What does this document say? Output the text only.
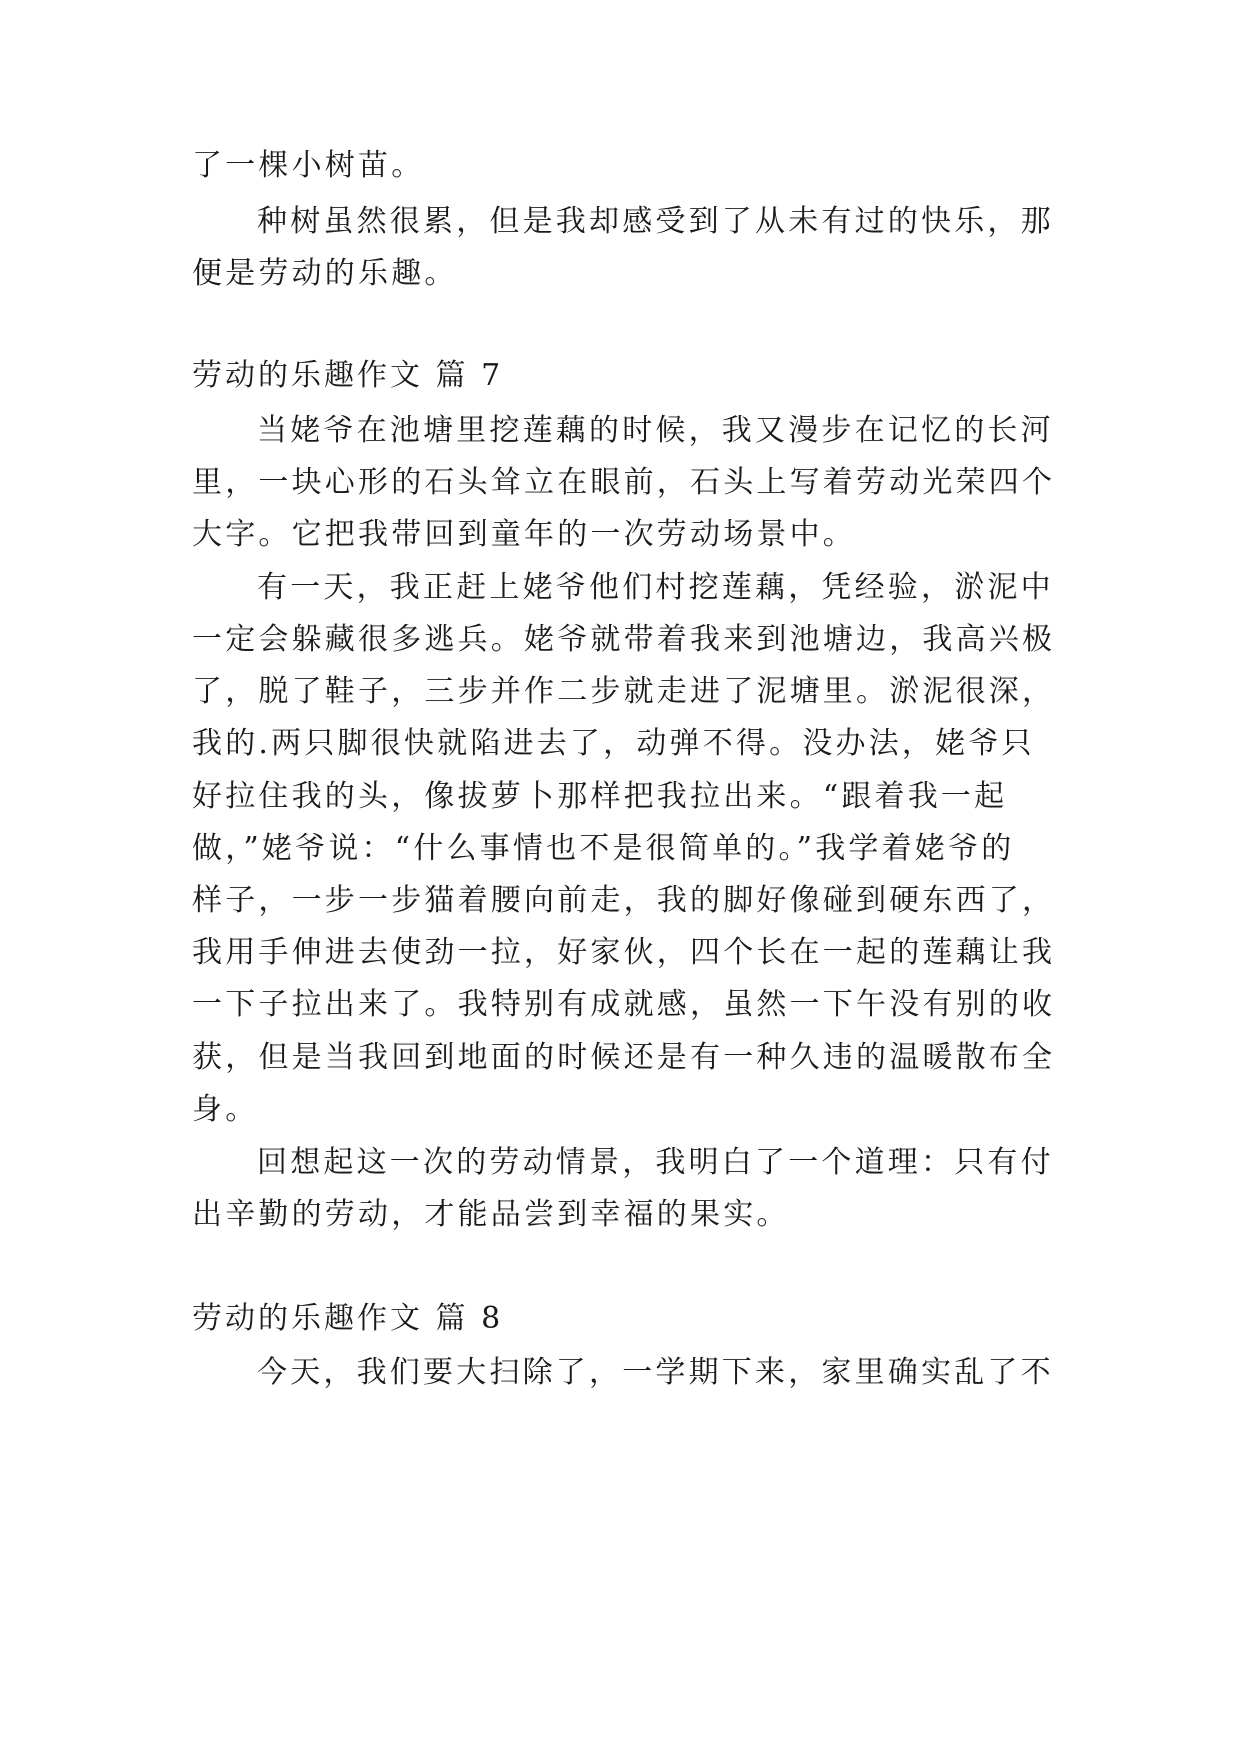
了一棵小树苗。
种树虽然很累，但是我却感受到了从未有过的快乐，那
便是劳动的乐趣。
劳动的乐趣作文 篇 7
当姥爷在池塘里挖莲藕的时候，我又漫步在记忆的长河
里，一块心形的石头耸立在眼前，石头上写着劳动光荣四个
大字。它把我带回到童年的一次劳动场景中。
有一天，我正赶上姥爷他们村挖莲藕，凭经验，淤泥中
一定会躲藏很多逃兵。姥爷就带着我来到池塘边，我高兴极
了，脱了鞋子，三步并作二步就走进了泥塘里。淤泥很深，
我的.两只脚很快就陷进去了，动弹不得。没办法，姥爷只
好拉住我的头，像拔萝卜那样把我拉出来。“跟着我一起
做，”姥爷说：“什么事情也不是很简单的。”我学着姥爷的
样子，一步一步猫着腰向前走，我的脚好像碰到硬东西了，
我用手伸进去使劲一拉，好家伙，四个长在一起的莲藕让我
一下子拉出来了。我特别有成就感，虽然一下午没有别的收
获，但是当我回到地面的时候还是有一种久违的温暖散布全
身。
回想起这一次的劳动情景，我明白了一个道理：只有付
出辛勤的劳动，才能品尝到幸福的果实。
劳动的乐趣作文 篇 8
今天，我们要大扫除了，一学期下来，家里确实乱了不
